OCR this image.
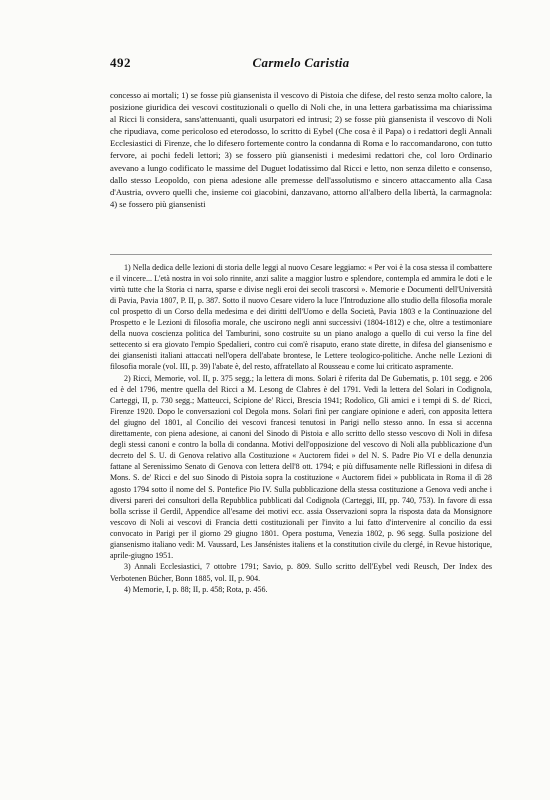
492	Carmelo Caristia

concesso ai mortali; 1) se fosse più giansenista il vescovo di Pistoia che difese, del resto senza molto calore, la posizione giuridica dei vescovi costituzionali o quello di Noli che, in una lettera garbatissima ma chiarissima al Ricci li considera, sans'attenuanti, quali usurpatori ed intrusi; 2) se fosse più giansenista il vescovo di Noli che ripudiava, come pericoloso ed eterodosso, lo scritto di Eybel (Che cosa è il Papa) o i redattori degli Annali Ecclesiastici di Firenze, che lo difesero fortemente contro la condanna di Roma e lo raccomandarono, con tutto fervore, ai pochi fedeli lettori; 3) se fossero più giansenisti i medesimi redattori che, col loro Ordinario avevano a lungo codificato le massime del Duguet lodatissimo dal Ricci e letto, non senza diletto e consenso, dallo stesso Leopoldo, con piena adesione alle premesse dell'assolutismo e sincero attaccamento alla Casa d'Austria, ovvero quelli che, insieme coi giacobini, danzavano, attorno all'albero della libertà, la carmagnola: 4) se fossero più giansenisti

1) Nella dedica delle lezioni di storia delle leggi al nuovo Cesare leggiamo: « Per voi è la cosa stessa il combattere e il vincere... L'età nostra in voi solo rinnite, anzi salite a maggior lustro e splendore, contempla ed ammira le doti e le virtù tutte che la Storia ci narra, sparse e divise negli eroi dei secoli trascorsi ». Memorie e Documenti dell'Università di Pavia, Pavia 1807, P. II, p. 387. Sotto il nuovo Cesare videro la luce l'Introduzione allo studio della filosofia morale col prospetto di un Corso della medesima e dei diritti dell'Uomo e della Società, Pavia 1803 e la Continuazione del Prospetto e le Lezioni di filosofia morale, che uscirono negli anni successivi (1804-1812) e che, oltre a testimoniare della nuova coscienza politica del Tamburini, sono costruite su un piano analogo a quello di cui verso la fine del settecento si era giovato l'empio Spedalieri, contro cui com'è risaputo, erano state dirette, in difesa del giansenismo e dei giansenisti italiani attaccati nell'opera dell'abate brontese, le Lettere teologico-politiche. Anche nelle Lezioni di filosofia morale (vol. III, p. 39) l'abate è, del resto, affratellato al Rousseau e come lui criticato aspramente.

2) Ricci, Memorie, vol. II, p. 375 segg.; la lettera di mons. Solari è riferita dal De Gubernatis, p. 101 segg. e 206 ed è del 1796, mentre quella del Ricci a M. Lesong de Clabres è del 1791. Vedi la lettera del Solari in Codignola, Carteggi, II, p. 730 segg.; Matteucci, Scipione de' Ricci, Brescia 1941; Rodolico, Gli amici e i tempi di S. de' Ricci, Firenze 1920. Dopo le conversazioni col Degola mons. Solari finì per cangiare opinione e aderì, con apposita lettera del giugno del 1801, al Concilio dei vescovi francesi tenutosi in Parigi nello stesso anno. In essa si accenna direttamente, con piena adesione, ai canoni del Sinodo di Pistoia e allo scritto dello stesso vescovo di Noli in difesa degli stessi canoni e contro la bolla di condanna. Motivi dell'opposizione del vescovo di Noli alla pubblicazione d'un decreto del S. U. di Genova relativo alla Costituzione « Auctorem fidei » del N. S. Padre Pio VI e della denunzia fattane al Serenissimo Senato di Genova con lettera dell'8 ott. 1794; e più diffusamente nelle Riflessioni in difesa di Mons. S. de' Ricci e del suo Sinodo di Pistoia sopra la costituzione « Auctorem fidei » pubblicata in Roma il dì 28 agosto 1794 sotto il nome del S. Pontefice Pio IV. Sulla pubblicazione della stessa costituzione a Genova vedi anche i diversi pareri dei consultori della Repubblica pubblicati dal Codignola (Carteggi, III, pp. 740, 753). In favore di essa bolla scrisse il Gerdil, Appendice all'esame dei motivi ecc. assia Osservazioni sopra la risposta data da Monsignore vescovo di Noli ai vescovi di Francia detti costituzionali per l'invito a lui fatto d'intervenire al concilio da essi convocato in Parigi per il giorno 29 giugno 1801. Opera postuma, Venezia 1802, p. 96 segg. Sulla posizione del giansenismo italiano vedi: M. Vaussard, Les Jansénistes italiens et la constitution civile du clergé, in Revue historique, aprile-giugno 1951.

3) Annali Ecclesiastici, 7 ottobre 1791; Savio, p. 809. Sullo scritto dell'Eybel vedi Reusch, Der Index des Verbotenen Bücher, Bonn 1885, vol. II, p. 904.

4) Memorie, I, p. 88; II, p. 458; Rota, p. 456.
